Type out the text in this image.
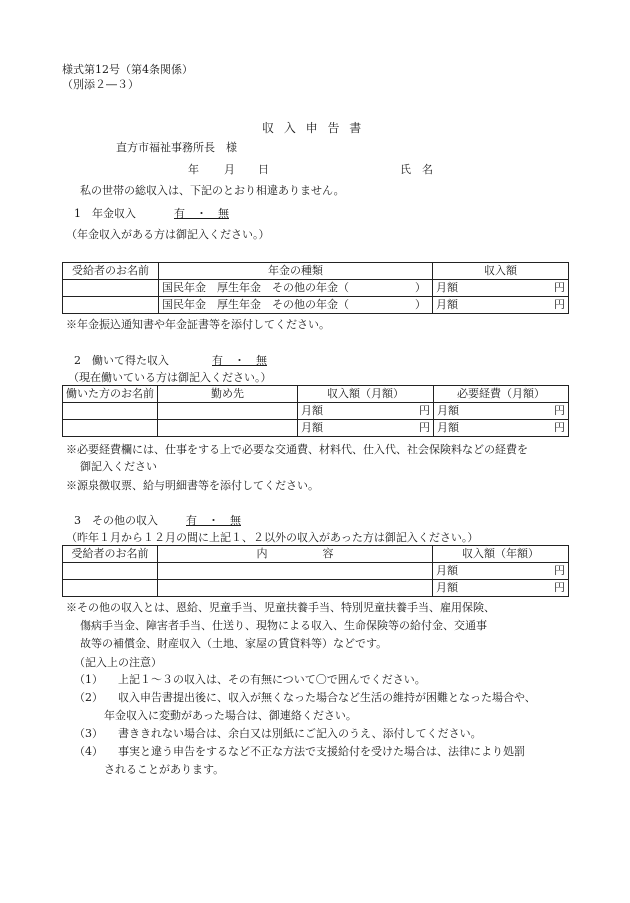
様式第12号（第4条関係）
（別添２―３）
収 入 申 告 書
直方市福祉事務所長　様
年 月 日	氏　名
私の世帯の総収入は、下記のとおり相違ありません。
1　年金収入	有　・　無
（年金収入がある方は御記入ください。）
受給者のお名前	年金の種類	収入額
	国民年金　厚生年金　その他の年金（　　　　　　）	月額 円

	国民年金　厚生年金　その他の年金（　　　　　　）	月額 円
※年金振込通知書や年金証書等を添付してください。
2　働いて得た収入	有　・　無
（現在働いている方は御記入ください。）
働いた方のお名前	勤め先	収入額（月額）	必要経費（月額）

		月額 円	月額 円

		月額 円	月額 円
※必要経費欄には、仕事をする上で必要な交通費、材料代、仕入代、社会保険料などの経費を
御記入ください
※源泉徴収票、給与明細書等を添付してください。
3　その他の収入	有　・　無
（昨年１月から１２月の間に上記１、２以外の収入があった方は御記入ください。）
受給者のお名前	内　　　　　容	収入額（年額）

		月額 円

		月額 円
※その他の収入とは、恩給、児童手当、児童扶養手当、特別児童扶養手当、雇用保険、
傷病手当金、障害者手当、仕送り、現物による収入、生命保険等の給付金、交通事
故等の補償金、財産収入（土地、家屋の賃貸料等）などです。
（記入上の注意）
（1） 上記１～３の収入は、その有無について〇で囲んでください。
（2） 収入申告書提出後に、収入が無くなった場合など生活の維持が困難となった場合や、
年金収入に変動があった場合は、御連絡ください。
（3） 書ききれない場合は、余白又は別紙にご記入のうえ、添付してください。
（4） 事実と違う申告をするなど不正な方法で支援給付を受けた場合は、法律により処罰
されることがあります。
